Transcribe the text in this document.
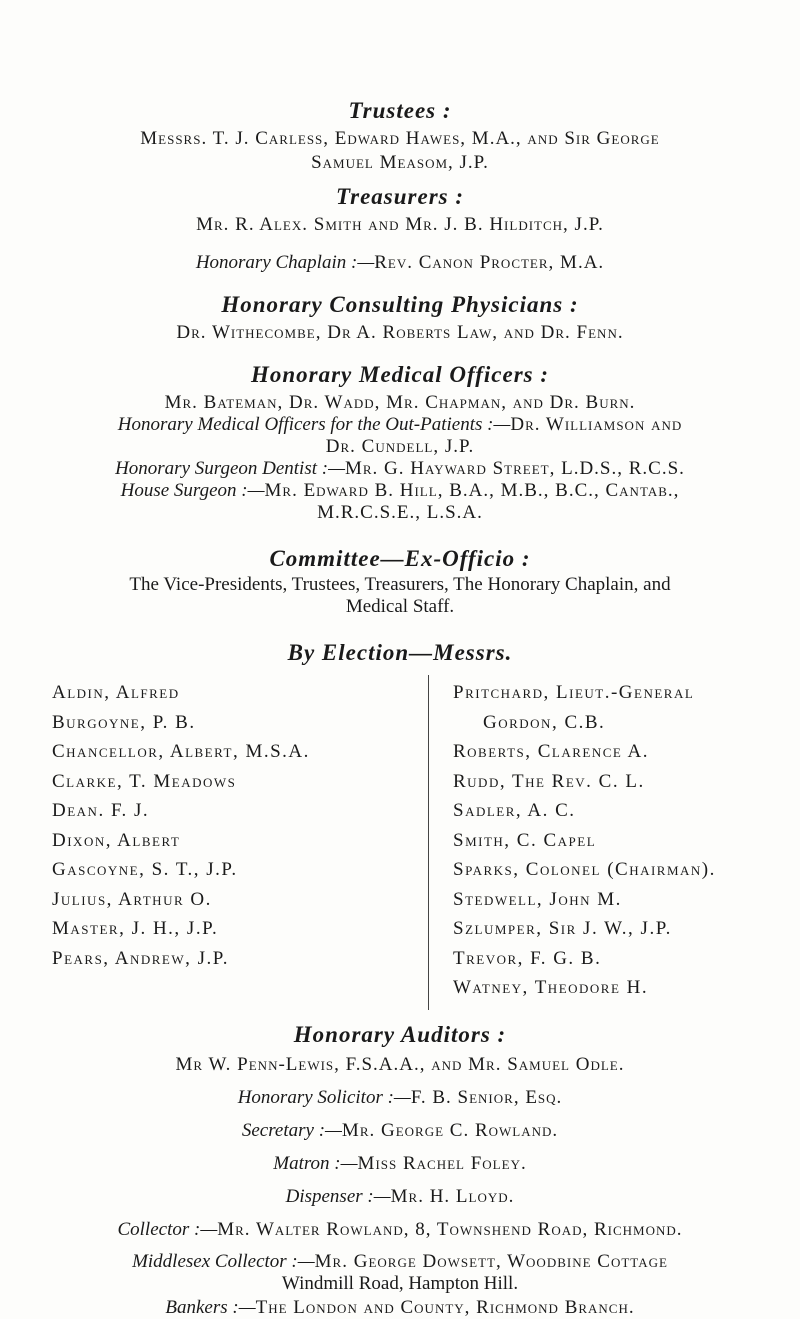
Trustees :
Messrs. T. J. Carless, Edward Hawes, M.A., and Sir George
Samuel Measom, J.P.
Treasurers :
Mr. R. Alex. Smith and Mr. J. B. Hilditch, J.P.
Honorary Chaplain :—Rev. Canon Procter, M.A.
Honorary Consulting Physicians :
Dr. Withecombe, Dr A. Roberts Law, and Dr. Fenn.
Honorary Medical Officers :
Mr. Bateman, Dr. Wadd, Mr. Chapman, and Dr. Burn.
Honorary Medical Officers for the Out-Patients :—Dr. Williamson and
Dr. Cundell, J.P.
Honorary Surgeon Dentist :—Mr. G. Hayward Street, L.D.S., R.C.S.
House Surgeon :—Mr. Edward B. Hill, B.A., M.B., B.C., Cantab.,
M.R.C.S.E., L.S.A.
Committee—Ex-Officio :
The Vice-Presidents, Trustees, Treasurers, The Honorary Chaplain, and
Medical Staff.
By Election—Messrs.
Aldin, Alfred
Burgoyne, P. B.
Chancellor, Albert, M.S.A.
Clarke, T. Meadows
Dean. F. J.
Dixon, Albert
Gascoyne, S. T., J.P.
Julius, Arthur O.
Master, J. H., J.P.
Pears, Andrew, J.P.
Pritchard, Lieut.-General
Gordon, C.B.
Roberts, Clarence A.
Rudd, The Rev. C. L.
Sadler, A. C.
Smith, C. Capel
Sparks, Colonel (Chairman).
Stedwell, John M.
Szlumper, Sir J. W., J.P.
Trevor, F. G. B.
Watney, Theodore H.
Honorary Auditors :
Mr W. Penn-Lewis, F.S.A.A., and Mr. Samuel Odle.
Honorary Solicitor :—F. B. Senior, Esq.
Secretary :—Mr. George C. Rowland.
Matron :—Miss Rachel Foley.
Dispenser :—Mr. H. Lloyd.
Collector :—Mr. Walter Rowland, 8, Townshend Road, Richmond.
Middlesex Collector :—Mr. George Dowsett, Woodbine Cottage
Windmill Road, Hampton Hill.
Bankers :—The London and County, Richmond Branch.
